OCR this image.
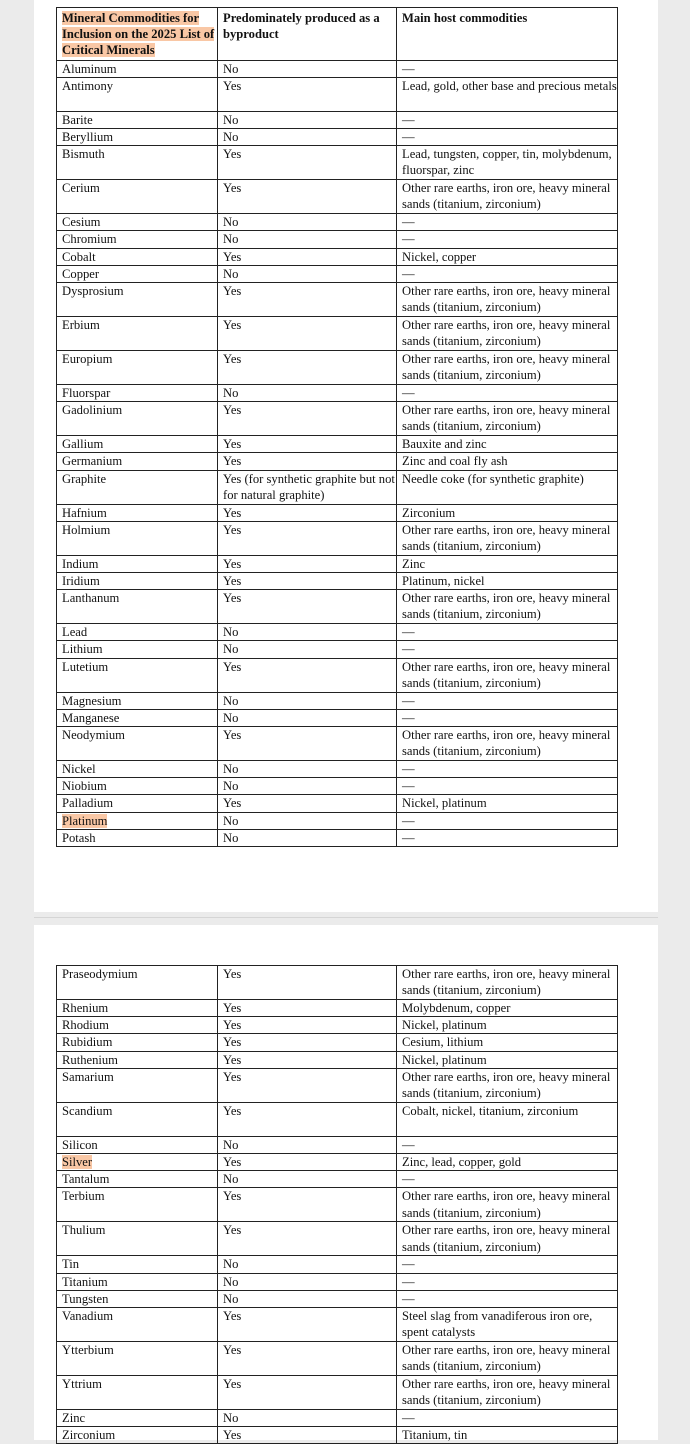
Mineral Commodities for Inclusion on the 2025 List of Critical Minerals	Predominately produced as a byproduct	Main host commodities
Aluminum	No	—
Antimony	Yes	Lead, gold, other base and precious metals
Barite	No	—
Beryllium	No	—
Bismuth	Yes	Lead, tungsten, copper, tin, molybdenum, fluorspar, zinc
Cerium	Yes	Other rare earths, iron ore, heavy mineral sands (titanium, zirconium)
Cesium	No	—
Chromium	No	—
Cobalt	Yes	Nickel, copper
Copper	No	—
Dysprosium	Yes	Other rare earths, iron ore, heavy mineral sands (titanium, zirconium)
Erbium	Yes	Other rare earths, iron ore, heavy mineral sands (titanium, zirconium)
Europium	Yes	Other rare earths, iron ore, heavy mineral sands (titanium, zirconium)
Fluorspar	No	—
Gadolinium	Yes	Other rare earths, iron ore, heavy mineral sands (titanium, zirconium)
Gallium	Yes	Bauxite and zinc
Germanium	Yes	Zinc and coal fly ash
Graphite	Yes (for synthetic graphite but not for natural graphite)	Needle coke (for synthetic graphite)
Hafnium	Yes	Zirconium
Holmium	Yes	Other rare earths, iron ore, heavy mineral sands (titanium, zirconium)
Indium	Yes	Zinc
Iridium	Yes	Platinum, nickel
Lanthanum	Yes	Other rare earths, iron ore, heavy mineral sands (titanium, zirconium)
Lead	No	—
Lithium	No	—
Lutetium	Yes	Other rare earths, iron ore, heavy mineral sands (titanium, zirconium)
Magnesium	No	—
Manganese	No	—
Neodymium	Yes	Other rare earths, iron ore, heavy mineral sands (titanium, zirconium)
Nickel	No	—
Niobium	No	—
Palladium	Yes	Nickel, platinum
Platinum	No	—
Potash	No	—
Praseodymium	Yes	Other rare earths, iron ore, heavy mineral sands (titanium, zirconium)
Rhenium	Yes	Molybdenum, copper
Rhodium	Yes	Nickel, platinum
Rubidium	Yes	Cesium, lithium
Ruthenium	Yes	Nickel, platinum
Samarium	Yes	Other rare earths, iron ore, heavy mineral sands (titanium, zirconium)
Scandium	Yes	Cobalt, nickel, titanium, zirconium
Silicon	No	—
Silver	Yes	Zinc, lead, copper, gold
Tantalum	No	—
Terbium	Yes	Other rare earths, iron ore, heavy mineral sands (titanium, zirconium)
Thulium	Yes	Other rare earths, iron ore, heavy mineral sands (titanium, zirconium)
Tin	No	—
Titanium	No	—
Tungsten	No	—
Vanadium	Yes	Steel slag from vanadiferous iron ore, spent catalysts
Ytterbium	Yes	Other rare earths, iron ore, heavy mineral sands (titanium, zirconium)
Yttrium	Yes	Other rare earths, iron ore, heavy mineral sands (titanium, zirconium)
Zinc	No	—
Zirconium	Yes	Titanium, tin
